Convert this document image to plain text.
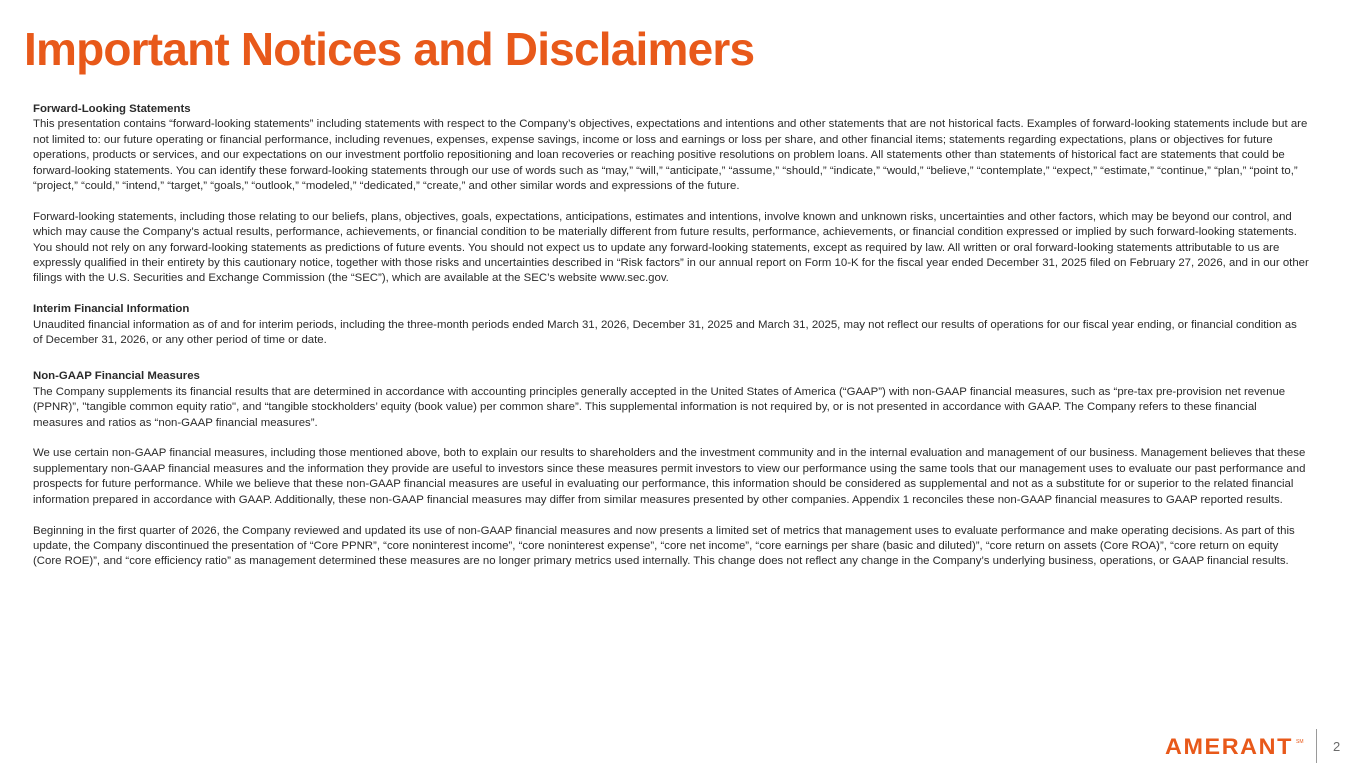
Important Notices and Disclaimers
Forward-Looking Statements

This presentation contains “forward-looking statements” including statements with respect to the Company’s objectives, expectations and intentions and other statements that are not historical facts. Examples of forward-looking statements include but are not limited to: our future operating or financial performance, including revenues, expenses, expense savings, income or loss and earnings or loss per share, and other financial items; statements regarding expectations, plans or objectives for future operations, products or services, and our expectations on our investment portfolio repositioning and loan recoveries or reaching positive resolutions on problem loans. All statements other than statements of historical fact are statements that could be forward-looking statements. You can identify these forward-looking statements through our use of words such as “may,” “will,” “anticipate,” “assume,” “should,” “indicate,” “would,” “believe,” “contemplate,” “expect,” “estimate,” “continue,” “plan,” “point to,” “project,” “could,” “intend,” “target,” “goals,” “outlook,” “modeled,” “dedicated,” “create,” and other similar words and expressions of the future.

Forward-looking statements, including those relating to our beliefs, plans, objectives, goals, expectations, anticipations, estimates and intentions, involve known and unknown risks, uncertainties and other factors, which may be beyond our control, and which may cause the Company’s actual results, performance, achievements, or financial condition to be materially different from future results, performance, achievements, or financial condition expressed or implied by such forward-looking statements. You should not rely on any forward-looking statements as predictions of future events. You should not expect us to update any forward-looking statements, except as required by law. All written or oral forward-looking statements attributable to us are expressly qualified in their entirety by this cautionary notice, together with those risks and uncertainties described in “Risk factors” in our annual report on Form 10-K for the fiscal year ended December 31, 2025 filed on February 27, 2026, and in our other filings with the U.S. Securities and Exchange Commission (the “SEC”), which are available at the SEC’s website www.sec.gov.

Interim Financial Information

Unaudited financial information as of and for interim periods, including the three-month periods ended March 31, 2026, December 31, 2025 and March 31, 2025, may not reflect our results of operations for our fiscal year ending, or financial condition as of December 31, 2026, or any other period of time or date.

Non-GAAP Financial Measures

The Company supplements its financial results that are determined in accordance with accounting principles generally accepted in the United States of America (“GAAP”) with non-GAAP financial measures, such as “pre-tax pre-provision net revenue (PPNR)”, "tangible common equity ratio", and “tangible stockholders’ equity (book value) per common share”. This supplemental information is not required by, or is not presented in accordance with GAAP. The Company refers to these financial measures and ratios as “non-GAAP financial measures”.

We use certain non-GAAP financial measures, including those mentioned above, both to explain our results to shareholders and the investment community and in the internal evaluation and management of our business. Management believes that these supplementary non-GAAP financial measures and the information they provide are useful to investors since these measures permit investors to view our performance using the same tools that our management uses to evaluate our past performance and prospects for future performance. While we believe that these non-GAAP financial measures are useful in evaluating our performance, this information should be considered as supplemental and not as a substitute for or superior to the related financial information prepared in accordance with GAAP. Additionally, these non-GAAP financial measures may differ from similar measures presented by other companies. Appendix 1 reconciles these non-GAAP financial measures to GAAP reported results.

Beginning in the first quarter of 2026, the Company reviewed and updated its use of non-GAAP financial measures and now presents a limited set of metrics that management uses to evaluate performance and make operating decisions. As part of this update, the Company discontinued the presentation of “Core PPNR”, “core noninterest income”, “core noninterest expense”, “core net income”, “core earnings per share (basic and diluted)”, “core return on assets (Core ROA)”, “core return on equity (Core ROE)”, and “core efficiency ratio” as management determined these measures are no longer primary metrics used internally. This change does not reflect any change in the Company’s underlying business, operations, or GAAP financial results.

AMERANT SM 2
